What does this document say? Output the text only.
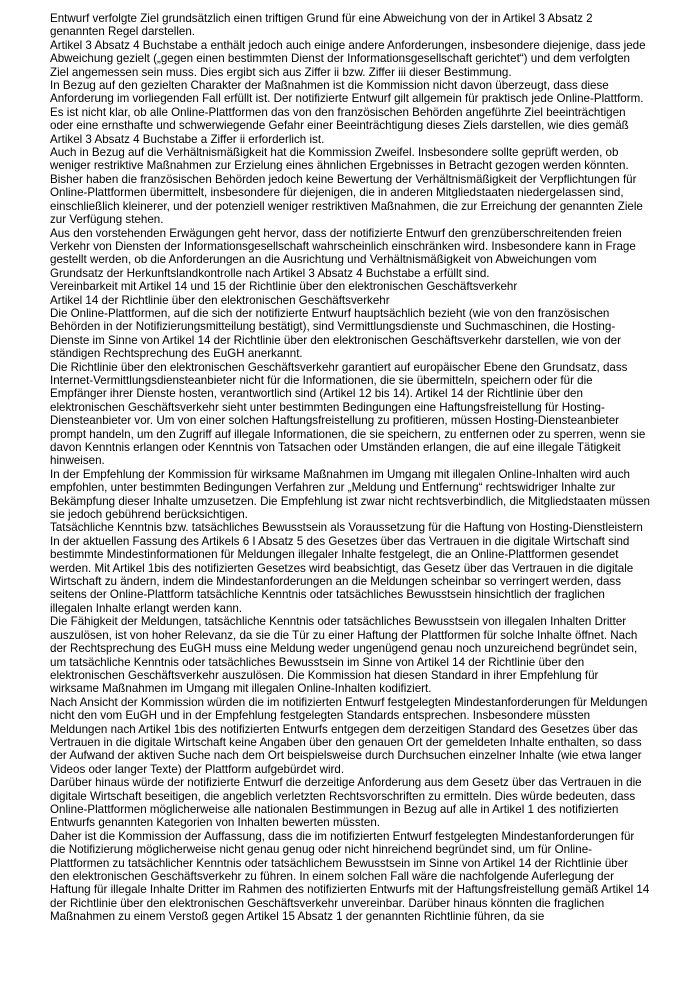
Entwurf verfolgte Ziel grundsätzlich einen triftigen Grund für eine Abweichung von der in Artikel 3 Absatz 2 genannten Regel darstellen.

Artikel 3 Absatz 4 Buchstabe a enthält jedoch auch einige andere Anforderungen, insbesondere diejenige, dass jede Abweichung gezielt („gegen einen bestimmten Dienst der Informationsgesellschaft gerichtet“) und dem verfolgten Ziel angemessen sein muss. Dies ergibt sich aus Ziffer ii bzw. Ziffer iii dieser Bestimmung.

In Bezug auf den gezielten Charakter der Maßnahmen ist die Kommission nicht davon überzeugt, dass diese Anforderung im vorliegenden Fall erfüllt ist. Der notifizierte Entwurf gilt allgemein für praktisch jede Online-Plattform. Es ist nicht klar, ob alle Online-Plattformen das von den französischen Behörden angeführte Ziel beeinträchtigen oder eine ernsthafte und schwerwiegende Gefahr einer Beeinträchtigung dieses Ziels darstellen, wie dies gemäß Artikel 3 Absatz 4 Buchstabe a Ziffer ii erforderlich ist.

Auch in Bezug auf die Verhältnismäßigkeit hat die Kommission Zweifel. Insbesondere sollte geprüft werden, ob weniger restriktive Maßnahmen zur Erzielung eines ähnlichen Ergebnisses in Betracht gezogen werden könnten. Bisher haben die französischen Behörden jedoch keine Bewertung der Verhältnismäßigkeit der Verpflichtungen für Online-Plattformen übermittelt, insbesondere für diejenigen, die in anderen Mitgliedstaaten niedergelassen sind, einschließlich kleinerer, und der potenziell weniger restriktiven Maßnahmen, die zur Erreichung der genannten Ziele zur Verfügung stehen.

Aus den vorstehenden Erwägungen geht hervor, dass der notifizierte Entwurf den grenzüberschreitenden freien Verkehr von Diensten der Informationsgesellschaft wahrscheinlich einschränken wird. Insbesondere kann in Frage gestellt werden, ob die Anforderungen an die Ausrichtung und Verhältnismäßigkeit von Abweichungen vom Grundsatz der Herkunftslandkontrolle nach Artikel 3 Absatz 4 Buchstabe a erfüllt sind.

Vereinbarkeit mit Artikel 14 und 15 der Richtlinie über den elektronischen Geschäftsverkehr

Artikel 14 der Richtlinie über den elektronischen Geschäftsverkehr

Die Online-Plattformen, auf die sich der notifizierte Entwurf hauptsächlich bezieht (wie von den französischen Behörden in der Notifizierungsmitteilung bestätigt), sind Vermittlungsdienste und Suchmaschinen, die Hosting-Dienste im Sinne von Artikel 14 der Richtlinie über den elektronischen Geschäftsverkehr darstellen, wie von der ständigen Rechtsprechung des EuGH anerkannt.

Die Richtlinie über den elektronischen Geschäftsverkehr garantiert auf europäischer Ebene den Grundsatz, dass Internet-Vermittlungsdiensteanbieter nicht für die Informationen, die sie übermitteln, speichern oder für die Empfänger ihrer Dienste hosten, verantwortlich sind (Artikel 12 bis 14). Artikel 14 der Richtlinie über den elektronischen Geschäftsverkehr sieht unter bestimmten Bedingungen eine Haftungsfreistellung für Hosting-Diensteanbieter vor. Um von einer solchen Haftungsfreistellung zu profitieren, müssen Hosting-Diensteanbieter prompt handeln, um den Zugriff auf illegale Informationen, die sie speichern, zu entfernen oder zu sperren, wenn sie davon Kenntnis erlangen oder Kenntnis von Tatsachen oder Umständen erlangen, die auf eine illegale Tätigkeit hinweisen.

In der Empfehlung der Kommission für wirksame Maßnahmen im Umgang mit illegalen Online-Inhalten wird auch empfohlen, unter bestimmten Bedingungen Verfahren zur „Meldung und Entfernung“ rechtswidriger Inhalte zur Bekämpfung dieser Inhalte umzusetzen. Die Empfehlung ist zwar nicht rechtsverbindlich, die Mitgliedstaaten müssen sie jedoch gebührend berücksichtigen.

Tatsächliche Kenntnis bzw. tatsächliches Bewusstsein als Voraussetzung für die Haftung von Hosting-Dienstleistern

In der aktuellen Fassung des Artikels 6 I Absatz 5 des Gesetzes über das Vertrauen in die digitale Wirtschaft sind bestimmte Mindestinformationen für Meldungen illegaler Inhalte festgelegt, die an Online-Plattformen gesendet werden. Mit Artikel 1bis des notifizierten Gesetzes wird beabsichtigt, das Gesetz über das Vertrauen in die digitale Wirtschaft zu ändern, indem die Mindestanforderungen an die Meldungen scheinbar so verringert werden, dass seitens der Online-Plattform tatsächliche Kenntnis oder tatsächliches Bewusstsein hinsichtlich der fraglichen illegalen Inhalte erlangt werden kann.

Die Fähigkeit der Meldungen, tatsächliche Kenntnis oder tatsächliches Bewusstsein von illegalen Inhalten Dritter auszulösen, ist von hoher Relevanz, da sie die Tür zu einer Haftung der Plattformen für solche Inhalte öffnet. Nach der Rechtsprechung des EuGH muss eine Meldung weder ungenügend genau noch unzureichend begründet sein, um tatsächliche Kenntnis oder tatsächliches Bewusstsein im Sinne von Artikel 14 der Richtlinie über den elektronischen Geschäftsverkehr auszulösen. Die Kommission hat diesen Standard in ihrer Empfehlung für wirksame Maßnahmen im Umgang mit illegalen Online-Inhalten kodifiziert.

Nach Ansicht der Kommission würden die im notifizierten Entwurf festgelegten Mindestanforderungen für Meldungen nicht den vom EuGH und in der Empfehlung festgelegten Standards entsprechen. Insbesondere müssten Meldungen nach Artikel 1bis des notifizierten Entwurfs entgegen dem derzeitigen Standard des Gesetzes über das Vertrauen in die digitale Wirtschaft keine Angaben über den genauen Ort der gemeldeten Inhalte enthalten, so dass der Aufwand der aktiven Suche nach dem Ort beispielsweise durch Durchsuchen einzelner Inhalte (wie etwa langer Videos oder langer Texte) der Plattform aufgebürdet wird.

Darüber hinaus würde der notifizierte Entwurf die derzeitige Anforderung aus dem Gesetz über das Vertrauen in die digitale Wirtschaft beseitigen, die angeblich verletzten Rechtsvorschriften zu ermitteln. Dies würde bedeuten, dass Online-Plattformen möglicherweise alle nationalen Bestimmungen in Bezug auf alle in Artikel 1 des notifizierten Entwurfs genannten Kategorien von Inhalten bewerten müssten.

Daher ist die Kommission der Auffassung, dass die im notifizierten Entwurf festgelegten Mindestanforderungen für die Notifizierung möglicherweise nicht genau genug oder nicht hinreichend begründet sind, um für Online-Plattformen zu tatsächlicher Kenntnis oder tatsächlichem Bewusstsein im Sinne von Artikel 14 der Richtlinie über den elektronischen Geschäftsverkehr zu führen. In einem solchen Fall wäre die nachfolgende Auferlegung der Haftung für illegale Inhalte Dritter im Rahmen des notifizierten Entwurfs mit der Haftungsfreistellung gemäß Artikel 14 der Richtlinie über den elektronischen Geschäftsverkehr unvereinbar. Darüber hinaus könnten die fraglichen Maßnahmen zu einem Verstoß gegen Artikel 15 Absatz 1 der genannten Richtlinie führen, da sie
